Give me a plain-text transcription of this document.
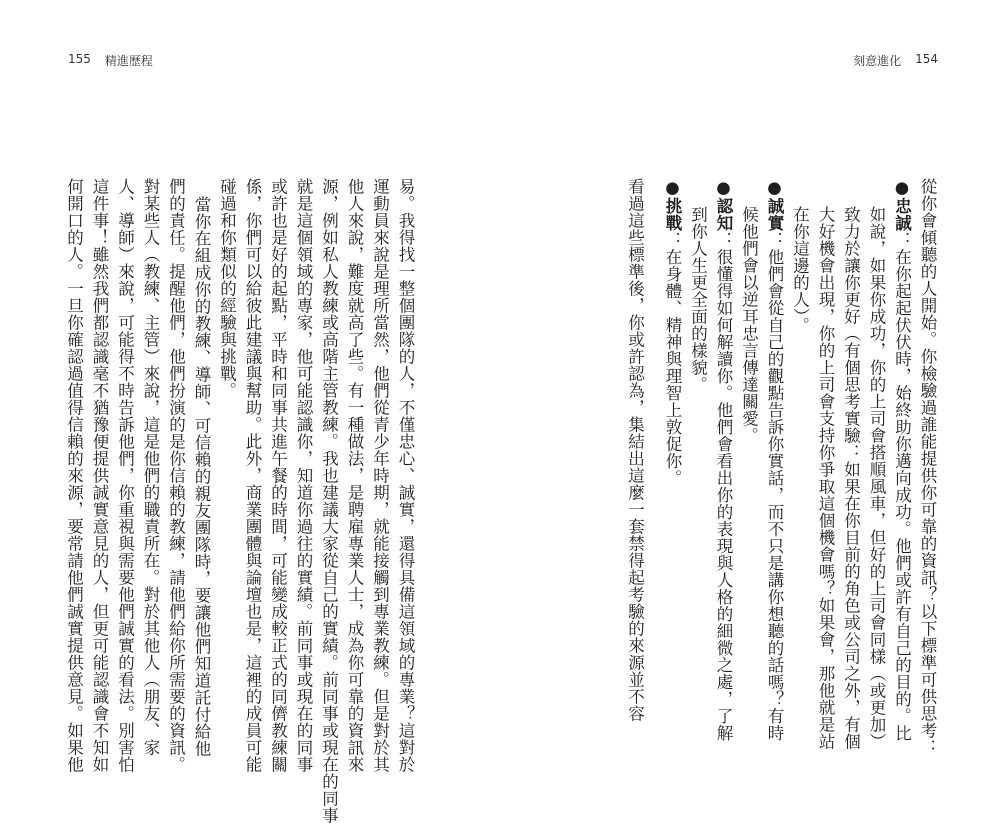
155 精進歷程
易。我得找一整個團隊的人，不僅忠心、誠實，還得具備這領域的專業？這對於
運動員來說是理所當然，他們從青少年時期，就能接觸到專業教練。但是對於其
他人來說，難度就高了些。有一種做法，是聘雇專業人士，成為你可靠的資訊來
源，例如私人教練或高階主管教練。我也建議大家從自己的實績。前同事或現在的同事
就是這個領域的專家，他可能認識你，知道你過往的實績。前同事或現在的同事
或許也是好的起點，平時和同事共進午餐的時間，可能變成較正式的同儕教練關
係，你們可以給彼此建議與幫助。此外，商業團體與論壇也是，這裡的成員可能
碰過和你類似的經驗與挑戰。
當你在組成你的教練、導師、可信賴的親友團隊時，要讓他們知道託付給他
們的責任。提醒他們，他們扮演的是你信賴的教練，請他們給你所需要的資訊。
對某些人（教練、主管）來說，這是他們的職責所在。對於其他人（朋友、家
人、導師）來說，可能得不時告訴他們，你重視與需要他們誠實的看法。別害怕
這件事！雖然我們都認識毫不猶豫便提供誠實意見的人，但更可能認識會不知如
何開口的人。一旦你確認過值得信賴的來源，要常請他們誠實提供意見。如果他
刻意進化 154
從你會傾聽的人開始。你檢驗過誰能提供你可靠的資訊？以下標準可供思考：
●忠誠：在你起起伏伏時，始終助你邁向成功。他們或許有自己的目的。比
如說，如果你成功，你的上司會搭順風車，但好的上司會同樣（或更加）
致力於讓你更好（有個思考實驗：如果在你目前的角色或公司之外，有個
大好機會出現，你的上司會支持你爭取這個機會嗎？如果會，那他就是站
在你這邊的人）。
●誠實：他們會從自己的觀點告訴你實話，而不只是講你想聽的話嗎？有時
候他們會以逆耳忠言傳達關愛。
●認知：很懂得如何解讀你。他們會看出你的表現與人格的細微之處，了解
到你人生更全面的樣貌。
●挑戰：在身體、精神與理智上敦促你。
看過這些標準後，你或許認為，集結出這麼一套禁得起考驗的來源並不容
